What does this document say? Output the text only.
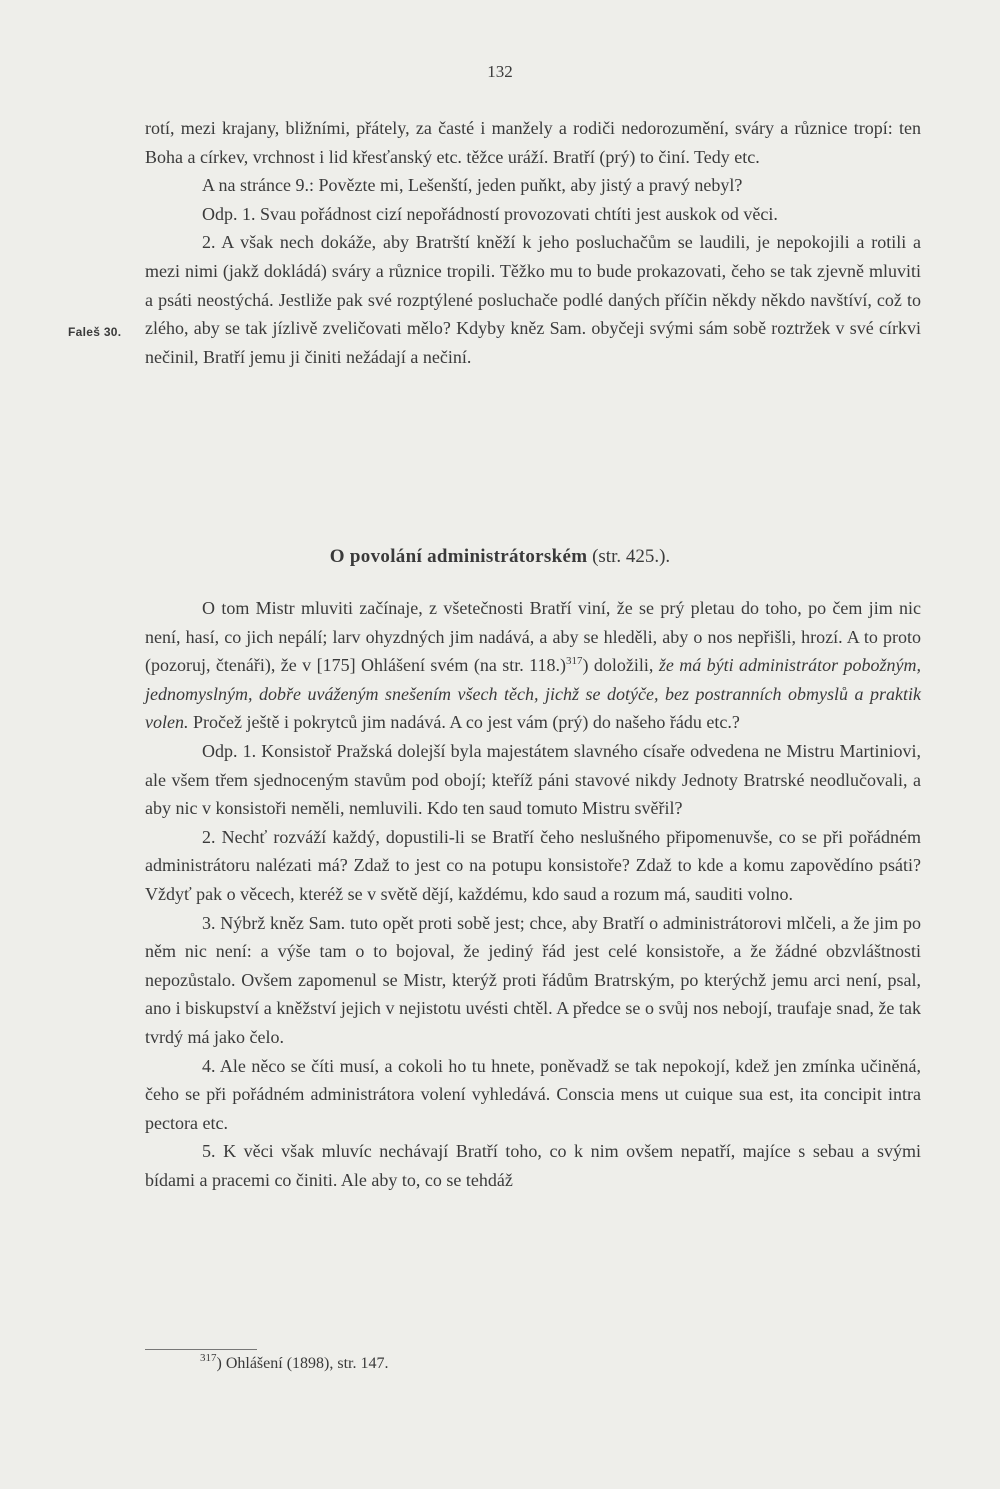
132
Faleš 30.

rotí, mezi krajany, bližními, přátely, za časté i manžely a rodiči nedorozumění, sváry a různice tropí: ten Boha a církev, vrchnost i lid křesťanský etc. těžce uráží. Bratří (prý) to činí. Tedy etc.

A na stránce 9.: Povězte mi, Lešenští, jeden puňkt, aby jistý a pravý nebyl?

Odp. 1. Svau pořádnost cizí nepořádností provozovati chtíti jest auskok od věci.

2. A však nech dokáže, aby Bratrští kněží k jeho posluchačům se laudili, je nepokojili a rotili a mezi nimi (jakž dokládá) sváry a různice tropili. Těžko mu to bude prokazovati, čeho se tak zjevně mluviti a psáti neostýchá. Jestliže pak své rozptýlené posluchače podlé daných příčin někdy někdo navštíví, což to zlého, aby se tak jízlivě zveličovati mělo? Kdyby kněz Sam. obyčeji svými sám sobě roztržek v své církvi nečinil, Bratří jemu ji činiti nežádají a nečiní.

O povolání administrátorském (str. 425.).

O tom Mistr mluviti začínaje, z všetečnosti Bratří viní, že se prý pletau do toho, po čem jim nic není, hasí, co jich nepálí; larv ohyzdných jim nadává, a aby se hleděli, aby o nos nepřišli, hrozí. A to proto (pozoruj, čtenáři), že v [175] Ohlášení svém (na str. 118.)$^{317}$) doložili, že má býti administrátor pobožným, jednomyslným, dobře uváženým snešením všech těch, jichž se dotýče, bez postranních obmyslů a praktik volen. Pročež ještě i pokrytců jim nadává. A co jest vám (prý) do našeho řádu etc.?

Odp. 1. Konsistoř Pražská dolejší byla majestátem slavného císaře odvedena ne Mistru Martiniovi, ale všem třem sjednoceným stavům pod obojí; kteříž páni stavové nikdy Jednoty Bratrské neodlučovali, a aby nic v konsistoři neměli, nemluvili. Kdo ten saud tomuto Mistru svěřil?

2. Nechť rozváží každý, dopustili-li se Bratří čeho neslušného připomenuvše, co se při pořádném administrátoru nalézati má? Zdaž to jest co na potupu konsistoře? Zdaž to kde a komu zapovědíno psáti? Vždyť pak o věcech, kteréž se v světě dějí, každému, kdo saud a rozum má, sauditi volno.

3. Nýbrž kněz Sam. tuto opět proti sobě jest; chce, aby Bratří o administrátorovi mlčeli, a že jim po něm nic není: a výše tam o to bojoval, že jediný řád jest celé konsistoře, a že žádné obzvláštnosti nepozůstalo. Ovšem zapomenul se Mistr, kterýž proti řádům Bratrským, po kterýchž jemu arci není, psal, ano i biskupství a kněžství jejich v nejistotu uvésti chtěl. A předce se o svůj nos nebojí, traufaje snad, že tak tvrdý má jako čelo.

4. Ale něco se číti musí, a cokoli ho tu hnete, poněvadž se tak nepokojí, kdež jen zmínka učiněná, čeho se při pořádném administrátora volení vyhledává. Conscia mens ut cuique sua est, ita concipit intra pectora etc.

5. K věci však mluvíc nechávají Bratří toho, co k nim ovšem nepatří, majíce s sebau a svými bídami a pracemi co činiti. Ale aby to, co se tehdáž

$^{317}$) Ohlášení (1898), str. 147.
